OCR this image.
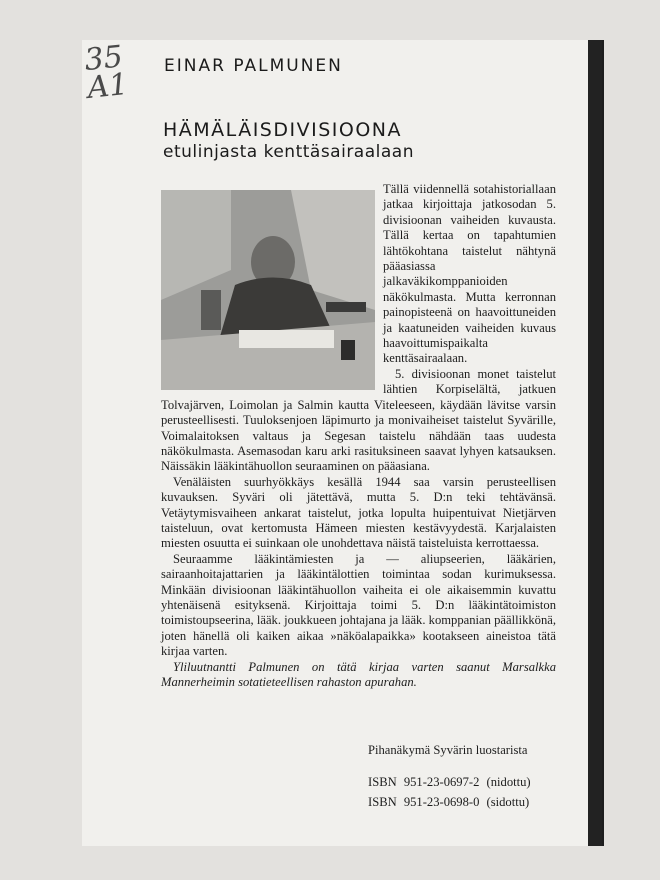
35
A1
EINAR PALMUNEN
HÄMÄLÄISDIVISIOONA
etulinjasta kenttäsairaalaan

Tällä viidennellä sotahistoriallaan jatkaa kirjoittaja jatkosodan 5. divisioonan vaiheiden kuvausta. Tällä kertaa on tapahtumien lähtökohtana taistelut nähtynä pääasiassa jalkaväkikomppanioiden näkökulmasta. Mutta kerronnan painopisteenä on haavoittuneiden ja kaatuneiden vaiheiden kuvaus haavoittumispaikalta kenttäsairaalaan.

5. divisioonan monet taistelut lähtien Korpiselältä, jatkuen Tolvajärven, Loimolan ja Salmin kautta Viteleeseen, käydään lävitse varsin perusteellisesti. Tuuloksenjoen läpimurto ja monivaiheiset taistelut Syvärille, Voimalaitoksen valtaus ja Segesan taistelu nähdään taas uudesta näkökulmasta. Asemasodan karu arki rasituksineen saavat lyhyen katsauksen. Näissäkin lääkintähuollon seuraaminen on pääasiana.

Venäläisten suurhyökkäys kesällä 1944 saa varsin perusteellisen kuvauksen. Syväri oli jätettävä, mutta 5. D:n teki tehtävänsä. Vetäytymisvaiheen ankarat taistelut, jotka lopulta huipentuivat Nietjärven taisteluun, ovat kertomusta Hämeen miesten kestävyydestä. Karjalaisten miesten osuutta ei suinkaan ole unohdettava näistä taisteluista kerrottaessa.

Seuraamme lääkintämiesten ja — aliupseerien, lääkärien, sairaanhoitajattarien ja lääkintälottien toimintaa sodan kurimuksessa. Minkään divisioonan lääkintähuollon vaiheita ei ole aikaisemmin kuvattu yhtenäisenä esityksenä. Kirjoittaja toimi 5. D:n lääkintätoimiston toimistoupseerina, lääk. joukkueen johtajana ja lääk. komppanian päällikkönä, joten hänellä oli kaiken aikaa »näköalapaikka» kootakseen aineistoa tätä kirjaa varten.

Yliluutnantti Palmunen on tätä kirjaa varten saanut Marsalkka Mannerheimin sotatieteellisen rahaston apurahan.

Pihanäkymä Syvärin luostarista
ISBN 951-23-0697-2 (nidottu)
ISBN 951-23-0698-0 (sidottu)
